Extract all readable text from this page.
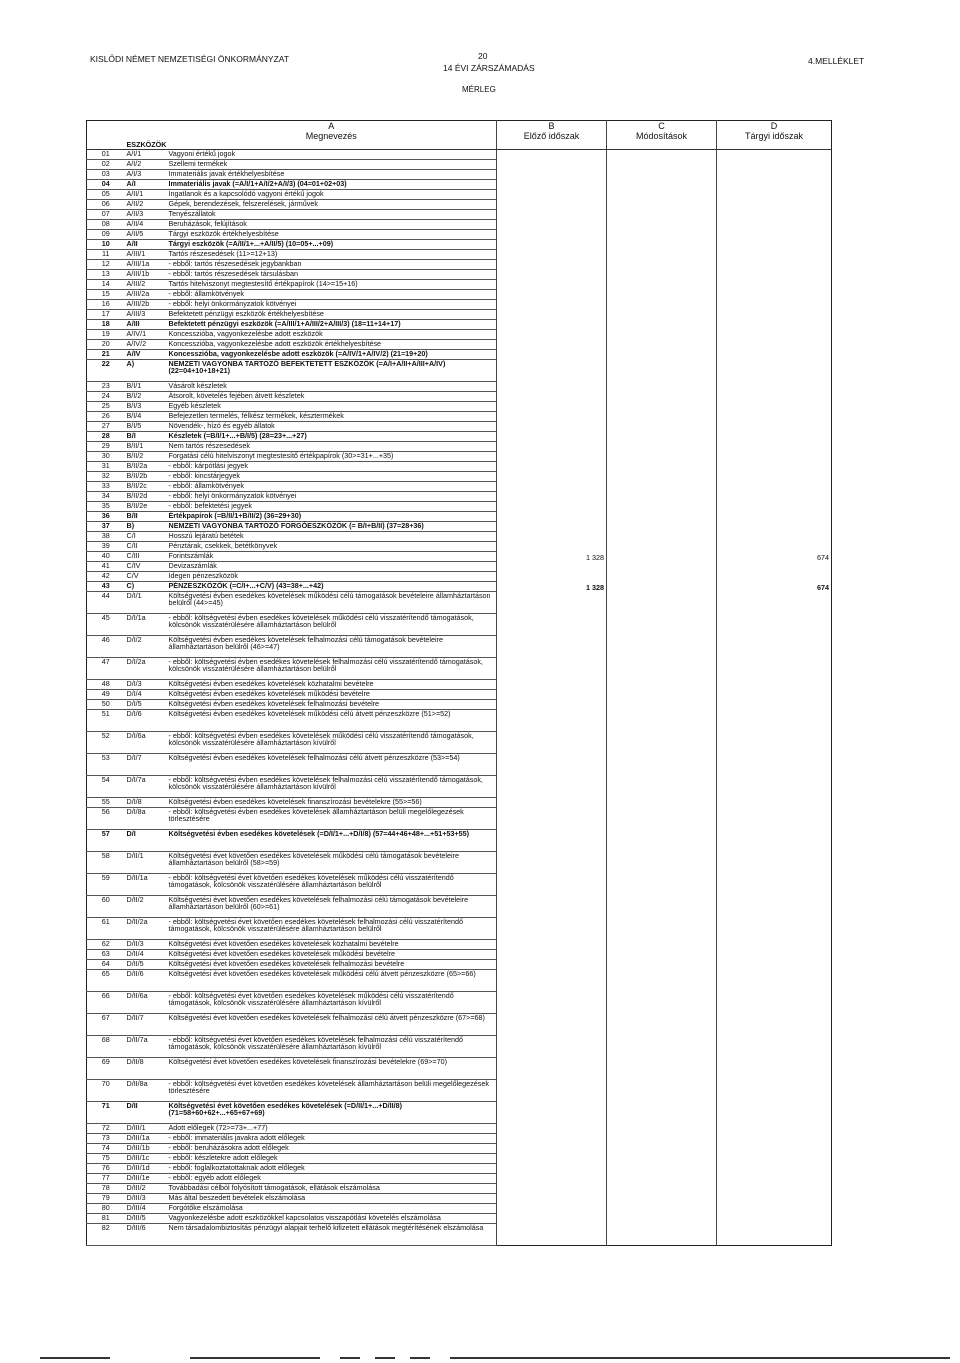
KISLŐDI NÉMET NEMZETISÉGI ÖNKORMÁNYZAT	20
14 ÉVI ZÁRSZÁMADÁS
4.MELLÉKLET
MÉRLEG
		A	B	C	D
		Megnevezés	Előző időszak	Módosítások	Tárgyi időszak
	ESZKÖZÖK				
01	A/I/1	Vagyoni értékű jogok			
02	A/I/2	Szellemi termékek			
03	A/I/3	Immateriális javak értékhelyesbítése			
04	A/I	Immateriális javak (=A/I/1+A/I/2+A/I/3) (04=01+02+03)			
05	A/II/1	Ingatlanok és a kapcsolódó vagyoni értékű jogok			
06	A/II/2	Gépek, berendezések, felszerelések, járművek			
07	A/II/3	Tenyészállatok			
08	A/II/4	Beruházások, felújítások			
09	A/II/5	Tárgyi eszközök értékhelyesbítése			
10	A/II	Tárgyi eszközök (=A/II/1+...+A/II/5) (10=05+...+09)			
11	A/III/1	Tartós részesedések (11>=12+13)			
12	A/III/1a	- ebből: tartós részesedések jegybankban			
13	A/III/1b	- ebből: tartós részesedések társulásban			
14	A/III/2	Tartós hitelviszonyt megtestesítő értékpapírok (14>=15+16)			
15	A/III/2a	- ebből: államkötvények			
16	A/III/2b	- ebből: helyi önkormányzatok kötvényei			
17	A/III/3	Befektetett pénzügyi eszközök értékhelyesbítése			
18	A/III	Befektetett pénzügyi eszközök (=A/III/1+A/III/2+A/III/3) (18=11+14+17)			
19	A/IV/1	Koncesszióba, vagyonkezelésbe adott eszközök			
20	A/IV/2	Koncesszióba, vagyonkezelésbe adott eszközök értékhelyesbítése			
21	A/IV	Koncesszióba, vagyonkezelésbe adott eszközök (=A/IV/1+A/IV/2) (21=19+20)			
22	A)	NEMZETI VAGYONBA TARTOZÓ BEFEKTETETT ESZKÖZÖK (=A/I+A/II+A/III+A/IV) (22=04+10+18+21)			
23	B/I/1	Vásárolt készletek			
24	B/I/2	Átsorolt, követelés fejében átvett készletek			
25	B/I/3	Egyéb készletek			
26	B/I/4	Befejezetlen termelés, félkész termékek, késztermékek			
27	B/I/5	Növendék-, hízó és egyéb állatok			
28	B/I	Készletek (=B/I/1+...+B/I/5) (28=23+...+27)			
29	B/II/1	Nem tartós részesedések			
30	B/II/2	Forgatási célú hitelviszonyt megtestesítő értékpapírok (30>=31+...+35)			
31	B/II/2a	- ebből: kárpótlási jegyek			
32	B/II/2b	- ebből: kincstárjegyek			
33	B/II/2c	- ebből: államkötvények			
34	B/II/2d	- ebből: helyi önkormányzatok kötvényei			
35	B/II/2e	- ebből: befektetési jegyek			
36	B/II	Értékpapírok (=B/II/1+B/II/2) (36=29+30)			
37	B)	NEMZETI VAGYONBA TARTOZÓ FORGÓESZKÖZÖK (= B/I+B/II) (37=28+36)			
38	C/I	Hosszú lejáratú betétek			
39	C/II	Pénztárak, csekkek, betétkönyvek			
40	C/III	Forintszámlák	1 328		674
41	C/IV	Devizaszámlák			
42	C/V	Idegen pénzeszközök			
43	C)	PÉNZESZKÖZÖK (=C/I+...+C/V) (43=38+...+42)	1 328		674
44	D/I/1	Költségvetési évben esedékes követelések működési célú támogatások bevételeire államháztartáson belülről (44>=45)			
45	D/I/1a	- ebből: költségvetési évben esedékes követelések működési célú visszatérítendő támogatások, kölcsönök visszatérülésére államháztartáson belülről			
46	D/I/2	Költségvetési évben esedékes követelések felhalmozási célú támogatások bevételeire államháztartáson belülről (46>=47)			
47	D/I/2a	- ebből: költségvetési évben esedékes követelések felhalmozási célú visszatérítendő támogatások, kölcsönök visszatérülésére államháztartáson belülről			
48	D/I/3	Költségvetési évben esedékes követelések közhatalmi bevételre			
49	D/I/4	Költségvetési évben esedékes követelések működési bevételre			
50	D/I/5	Költségvetési évben esedékes követelések felhalmozási bevételre			
51	D/I/6	Költségvetési évben esedékes követelések működési célú átvett pénzeszközre (51>=52)			
52	D/I/6a	- ebből: költségvetési évben esedékes követelések működési célú visszatérítendő támogatások, kölcsönök visszatérülésére államháztartáson kívülről			
53	D/I/7	Költségvetési évben esedékes követelések felhalmozási célú átvett pénzeszközre (53>=54)			
54	D/I/7a	- ebből: költségvetési évben esedékes követelések felhalmozási célú visszatérítendő támogatások, kölcsönök visszatérülésére államháztartáson kívülről			
55	D/I/8	Költségvetési évben esedékes követelések finanszírozási bevételekre (55>=56)			
56	D/I/8a	- ebből: költségvetési évben esedékes követelések államháztartáson belüli megelőlegezések törlesztésére			
57	D/I	Költségvetési évben esedékes követelések (=D/I/1+...+D/I/8) (57=44+46+48+...+51+53+55)			
58	D/II/1	Költségvetési évet követően esedékes követelések működési célú támogatások bevételeire államháztartáson belülről (58>=59)			
59	D/II/1a	- ebből: költségvetési évet követően esedékes követelések működési célú visszatérítendő támogatások, kölcsönök visszatérülésére államháztartáson belülről			
60	D/II/2	Költségvetési évet követően esedékes követelések felhalmozási célú támogatások bevételeire államháztartáson belülről (60>=61)			
61	D/II/2a	- ebből: költségvetési évet követően esedékes követelések felhalmozási célú visszatérítendő támogatások, kölcsönök visszatérülésére államháztartáson belülről			
62	D/II/3	Költségvetési évet követően esedékes követelések közhatalmi bevételre			
63	D/II/4	Költségvetési évet követően esedékes követelések működési bevételre			
64	D/II/5	Költségvetési évet követően esedékes követelések felhalmozási bevételre			
65	D/II/6	Költségvetési évet követően esedékes követelések működési célú átvett pénzeszközre (65>=66)			
66	D/II/6a	- ebből: költségvetési évet követően esedékes követelések működési célú visszatérítendő támogatások, kölcsönök visszatérülésére államháztartáson kívülről			
67	D/II/7	Költségvetési évet követően esedékes követelések felhalmozási célú átvett pénzeszközre (67>=68)			
68	D/II/7a	- ebből: költségvetési évet követően esedékes követelések felhalmozási célú visszatérítendő támogatások, kölcsönök visszatérülésére államháztartáson kívülről			
69	D/II/8	Költségvetési évet követően esedékes követelések finanszírozási bevételekre (69>=70)			
70	D/II/8a	- ebből: költségvetési évet követően esedékes követelések államháztartáson belüli megelőlegezések törlesztésére			
71	D/II	Költségvetési évet követően esedékes követelések (=D/II/1+...+D/II/8) (71=58+60+62+...+65+67+69)			
72	D/III/1	Adott előlegek (72>=73+...+77)			
73	D/III/1a	- ebből: immateriális javakra adott előlegek			
74	D/III/1b	- ebből: beruházásokra adott előlegek			
75	D/III/1c	- ebből: készletekre adott előlegek			
76	D/III/1d	- ebből: foglalkoztatottaknak adott előlegek			
77	D/III/1e	- ebből: egyéb adott előlegek			
78	D/III/2	Továbbadási célból folyósított támogatások, ellátások elszámolása			
79	D/III/3	Más által beszedett bevételek elszámolása			
80	D/III/4	Forgótőke elszámolása			
81	D/III/5	Vagyonkezelésbe adott eszközökkel kapcsolatos visszapótlási követelés elszámolása			
82	D/III/6	Nem társadalombiztosítás pénzügyi alapjait terhelő kifizetett ellátások megtérítésének elszámolása			
